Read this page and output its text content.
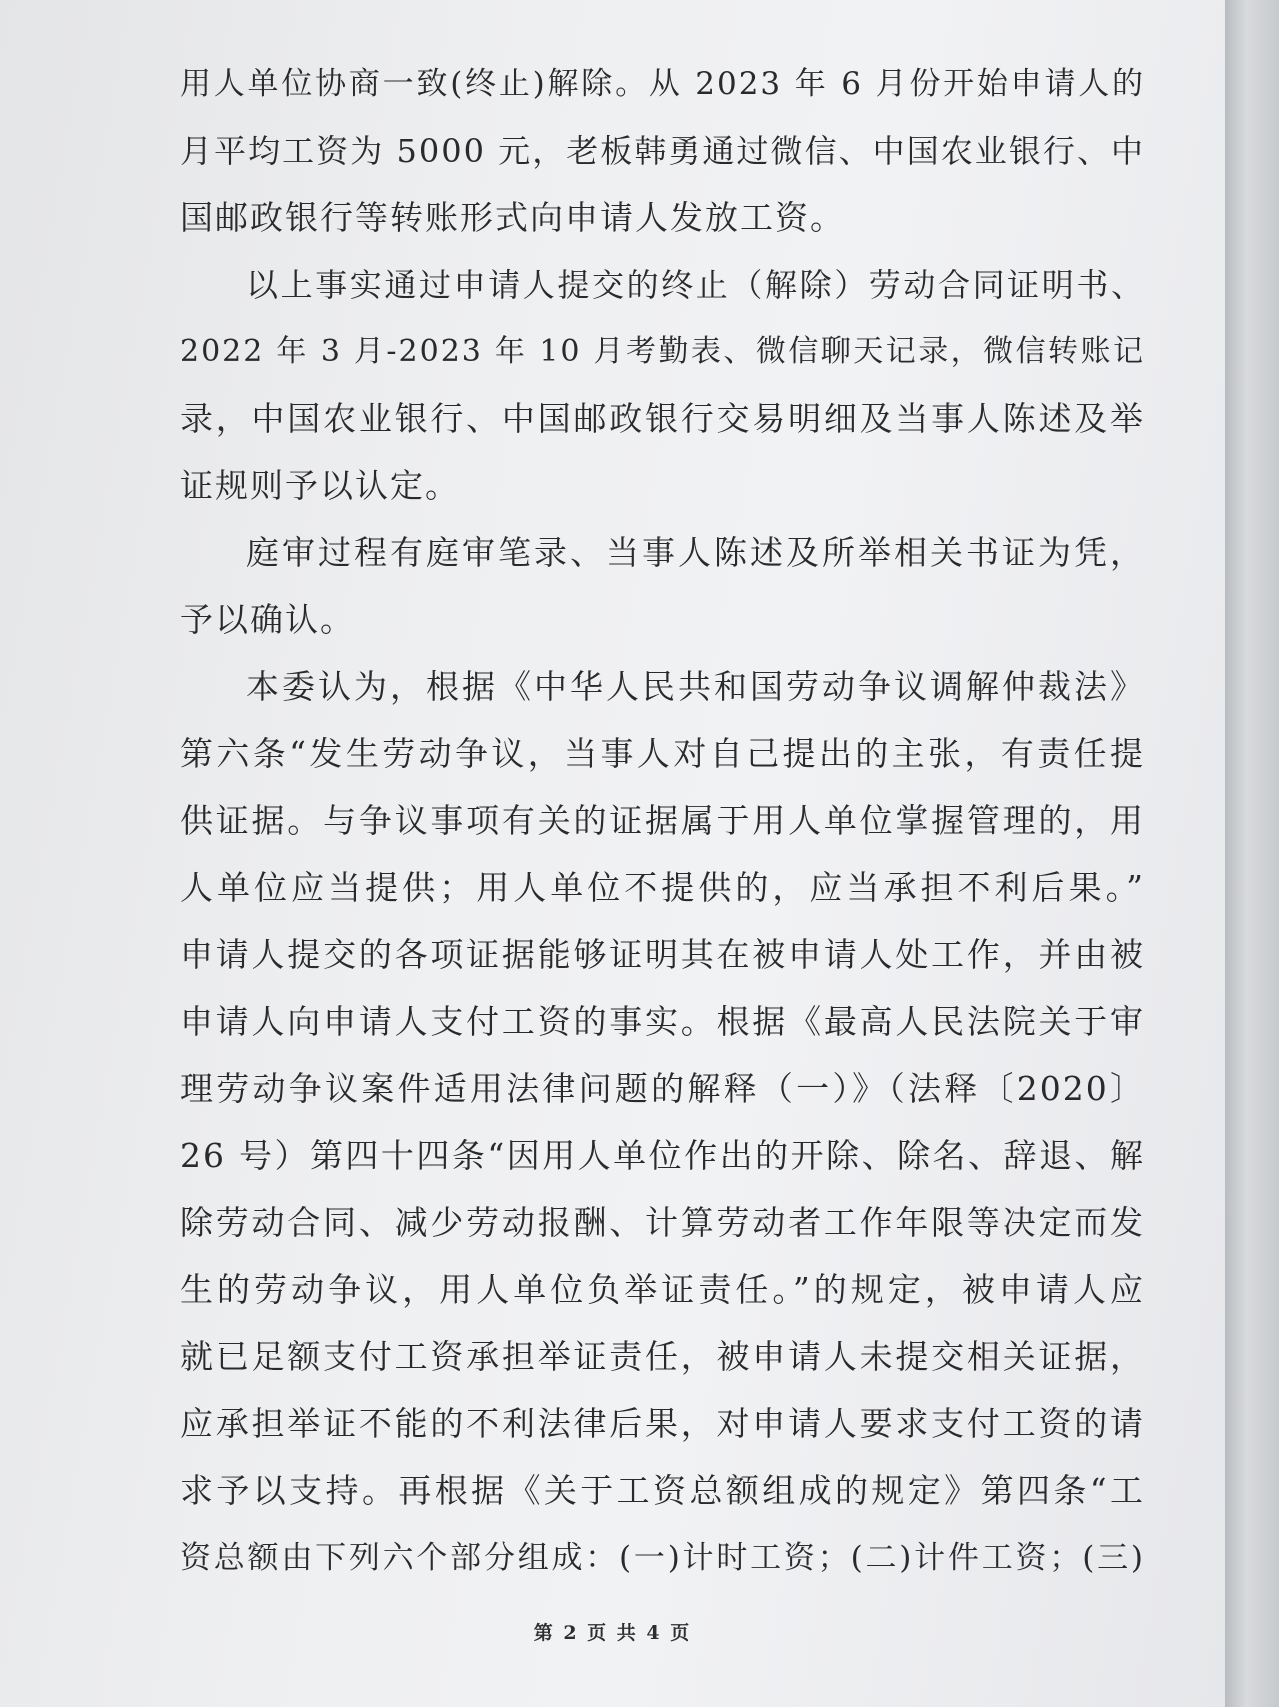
用人单位协商一致(终止)解除。从 2023 年 6 月份开始申请人的
月平均工资为 5000 元，老板韩勇通过微信、中国农业银行、中
国邮政银行等转账形式向申请人发放工资。
以上事实通过申请人提交的终止（解除）劳动合同证明书、
2022 年 3 月-2023 年 10 月考勤表、微信聊天记录，微信转账记
录，中国农业银行、中国邮政银行交易明细及当事人陈述及举
证规则予以认定。
庭审过程有庭审笔录、当事人陈述及所举相关书证为凭，
予以确认。
本委认为，根据《中华人民共和国劳动争议调解仲裁法》
第六条“发生劳动争议，当事人对自己提出的主张，有责任提
供证据。与争议事项有关的证据属于用人单位掌握管理的，用
人单位应当提供；用人单位不提供的，应当承担不利后果。”
申请人提交的各项证据能够证明其在被申请人处工作，并由被
申请人向申请人支付工资的事实。根据《最高人民法院关于审
理劳动争议案件适用法律问题的解释（一）》（法释〔2020〕
26 号）第四十四条“因用人单位作出的开除、除名、辞退、解
除劳动合同、减少劳动报酬、计算劳动者工作年限等决定而发
生的劳动争议，用人单位负举证责任。”的规定，被申请人应
就已足额支付工资承担举证责任，被申请人未提交相关证据，
应承担举证不能的不利法律后果，对申请人要求支付工资的请
求予以支持。再根据《关于工资总额组成的规定》第四条“工
资总额由下列六个部分组成：(一)计时工资；(二)计件工资；(三)
第 2 页 共 4 页
